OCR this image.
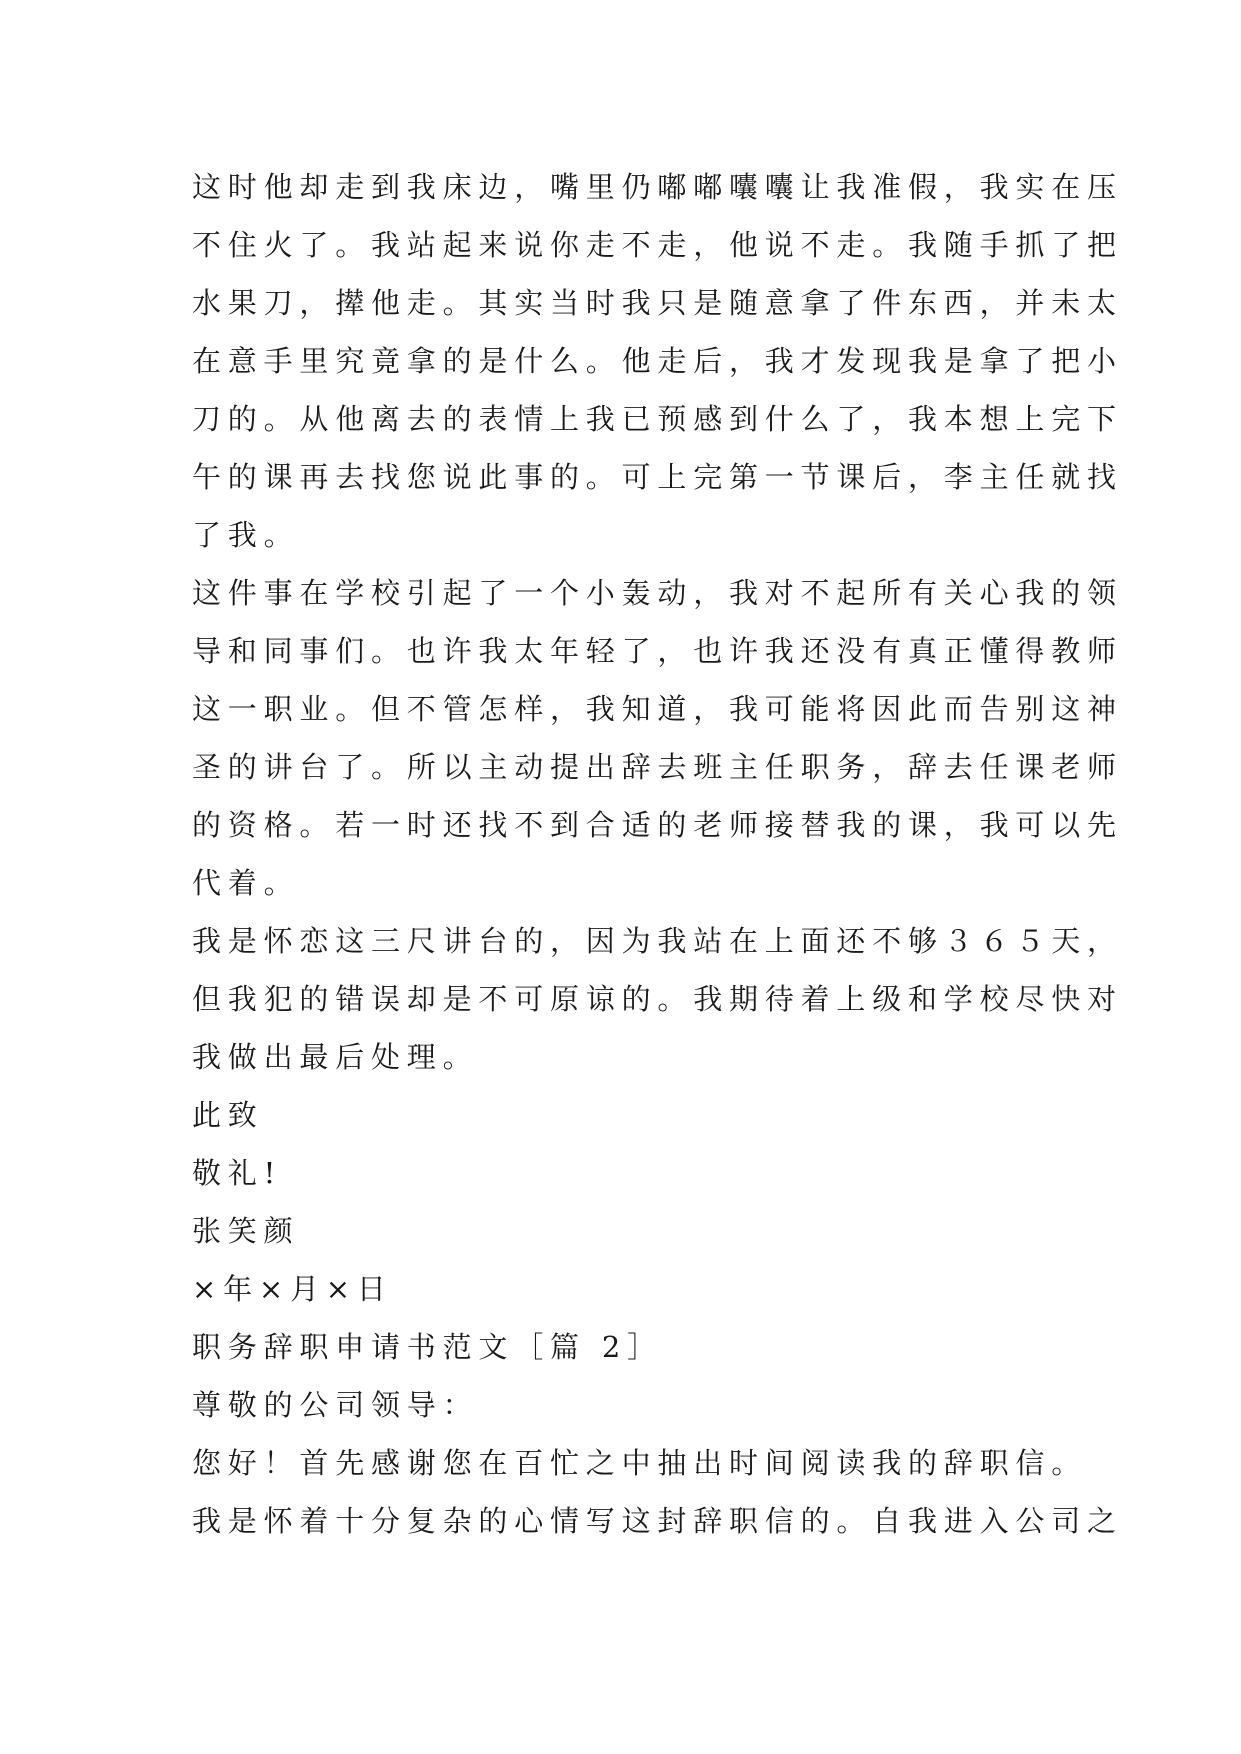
这时他却走到我床边，嘴里仍嘟嘟囔囔让我准假，我实在压
不住火了。我站起来说你走不走，他说不走。我随手抓了把
水果刀，撵他走。其实当时我只是随意拿了件东西，并未太
在意手里究竟拿的是什么。他走后，我才发现我是拿了把小
刀的。从他离去的表情上我已预感到什么了，我本想上完下
午的课再去找您说此事的。可上完第一节课后，李主任就找
了我。

这件事在学校引起了一个小轰动，我对不起所有关心我的领
导和同事们。也许我太年轻了，也许我还没有真正懂得教师
这一职业。但不管怎样，我知道，我可能将因此而告别这神
圣的讲台了。所以主动提出辞去班主任职务，辞去任课老师
的资格。若一时还找不到合适的老师接替我的课，我可以先
代着。

我是怀恋这三尺讲台的，因为我站在上面还不够３６５天，
但我犯的错误却是不可原谅的。我期待着上级和学校尽快对
我做出最后处理。

此致

敬礼!

张笑颜

×年×月×日

职务辞职申请书范文［篇 2］

尊敬的公司领导：

您好！首先感谢您在百忙之中抽出时间阅读我的辞职信。

我是怀着十分复杂的心情写这封辞职信的。自我进入公司之
